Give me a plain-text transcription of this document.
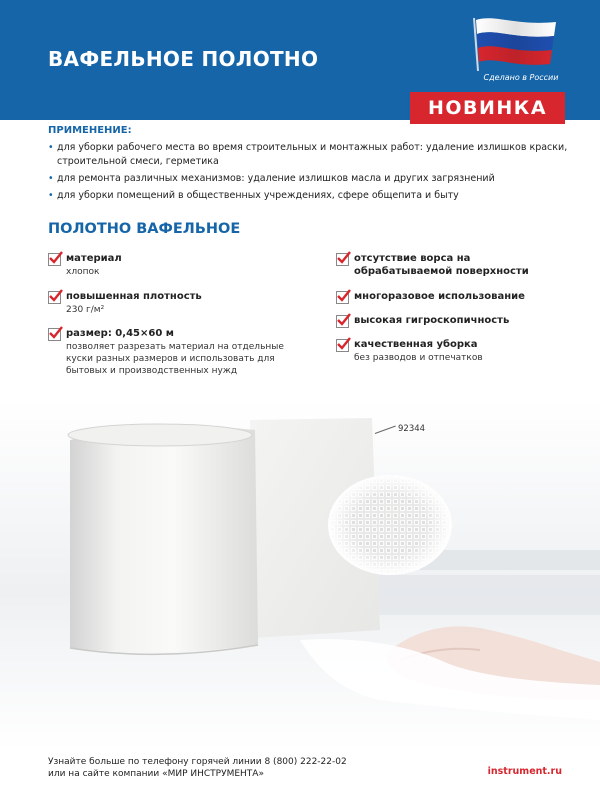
ВАФЕЛЬНОЕ ПОЛОТНО
Сделано в России
НОВИНКА
ПРИМЕНЕНИЕ:
• для уборки рабочего места во время строительных и монтажных работ: удаление излишков краски, строительной смеси, герметика
• для ремонта различных механизмов: удаление излишков масла и других загрязнений
• для уборки помещений в общественных учреждениях, сфере общепита и быту
ПОЛОТНО ВАФЕЛЬНОЕ
материал
хлопок
повышенная плотность
230 г/м²
размер: 0,45×60 м
позволяет разрезать материал на отдельные куски разных размеров и использовать для бытовых и производственных нужд
отсутствие ворса на обрабатываемой поверхности
многоразовое использование
высокая гигроскопичность
качественная уборка
без разводов и отпечатков
92344
Узнайте больше по телефону горячей линии 8 (800) 222-22-02
или на сайте компании «МИР ИНСТРУМЕНТА»	instrument.ru
